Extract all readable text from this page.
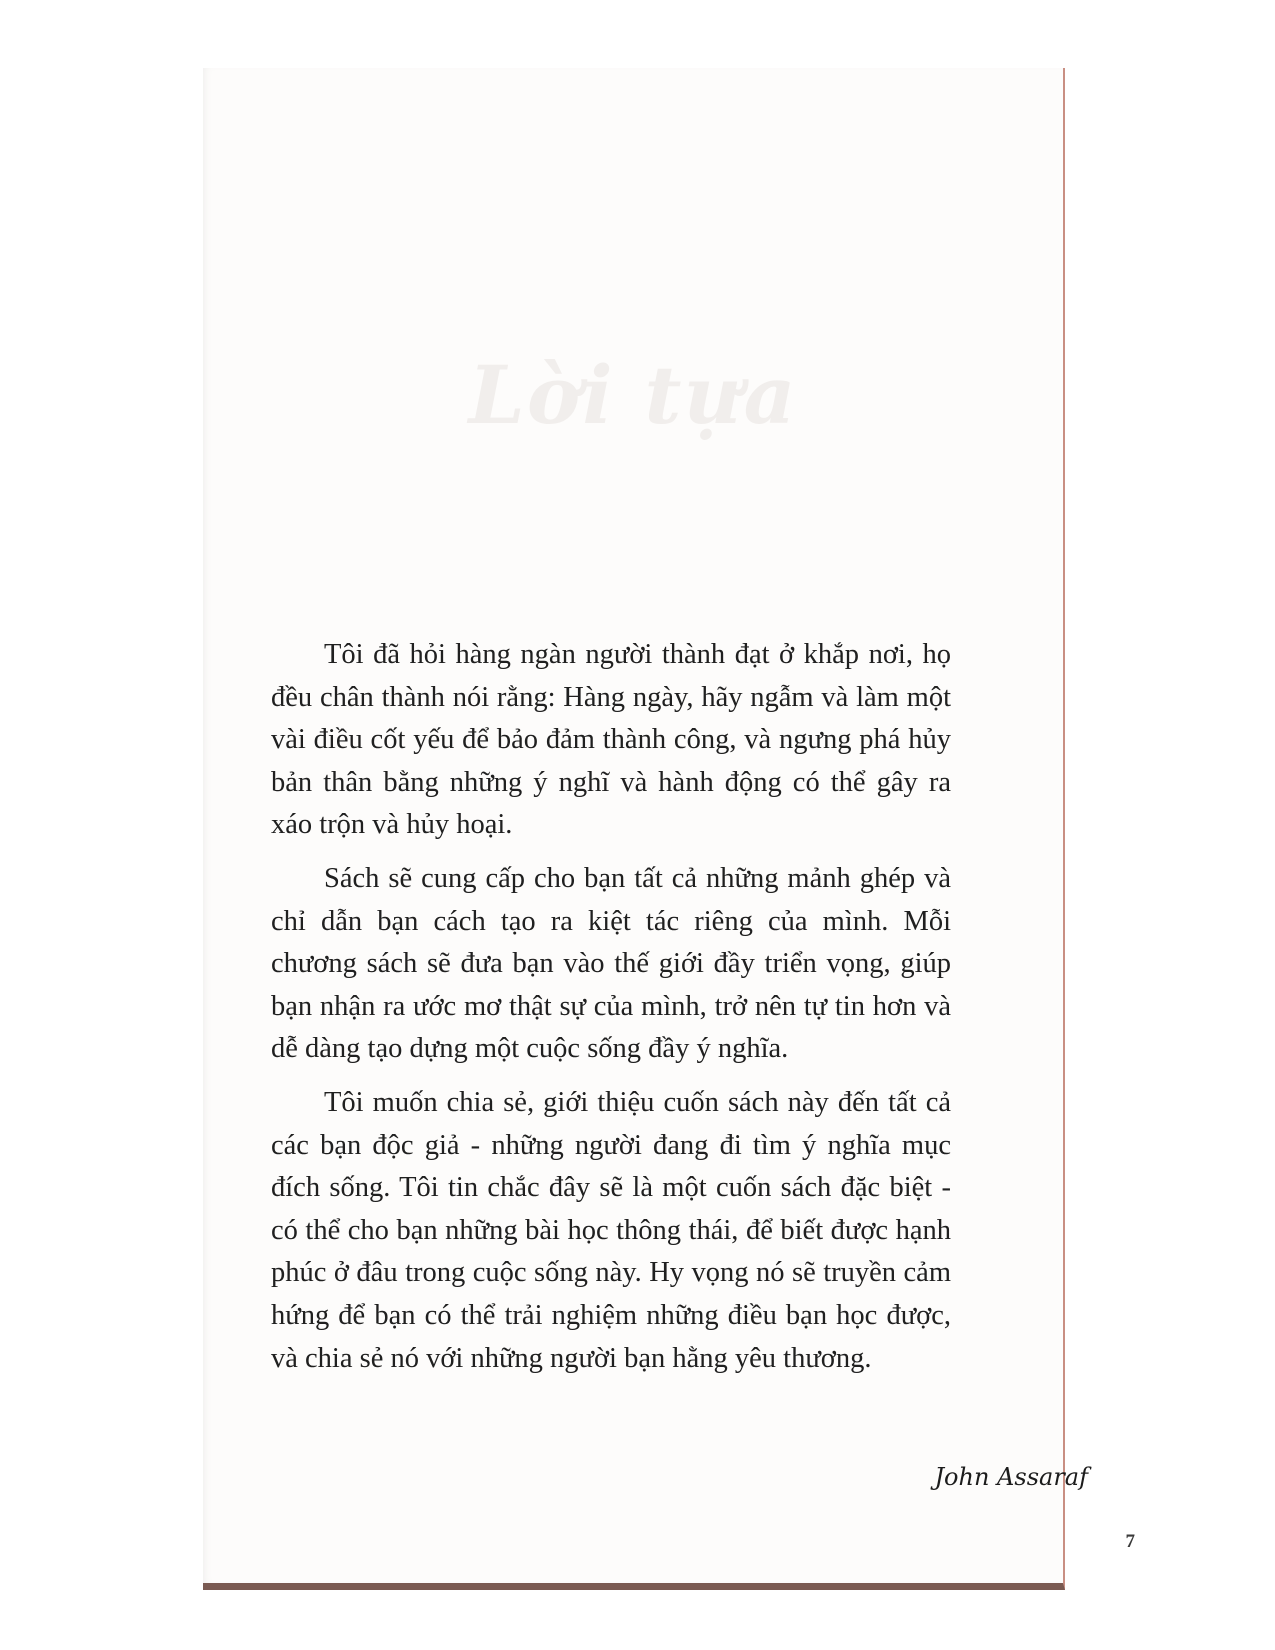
Lời tựa

Tôi đã hỏi hàng ngàn người thành đạt ở khắp nơi, họ đều chân thành nói rằng: Hàng ngày, hãy ngẫm và làm một vài điều cốt yếu để bảo đảm thành công, và ngưng phá hủy bản thân bằng những ý nghĩ và hành động có thể gây ra xáo trộn và hủy hoại.

Sách sẽ cung cấp cho bạn tất cả những mảnh ghép và chỉ dẫn bạn cách tạo ra kiệt tác riêng của mình. Mỗi chương sách sẽ đưa bạn vào thế giới đầy triển vọng, giúp bạn nhận ra ước mơ thật sự của mình, trở nên tự tin hơn và dễ dàng tạo dựng một cuộc sống đầy ý nghĩa.

Tôi muốn chia sẻ, giới thiệu cuốn sách này đến tất cả các bạn độc giả - những người đang đi tìm ý nghĩa mục đích sống. Tôi tin chắc đây sẽ là một cuốn sách đặc biệt - có thể cho bạn những bài học thông thái, để biết được hạnh phúc ở đâu trong cuộc sống này. Hy vọng nó sẽ truyền cảm hứng để bạn có thể trải nghiệm những điều bạn học được, và chia sẻ nó với những người bạn hằng yêu thương.

John Assaraf
7
